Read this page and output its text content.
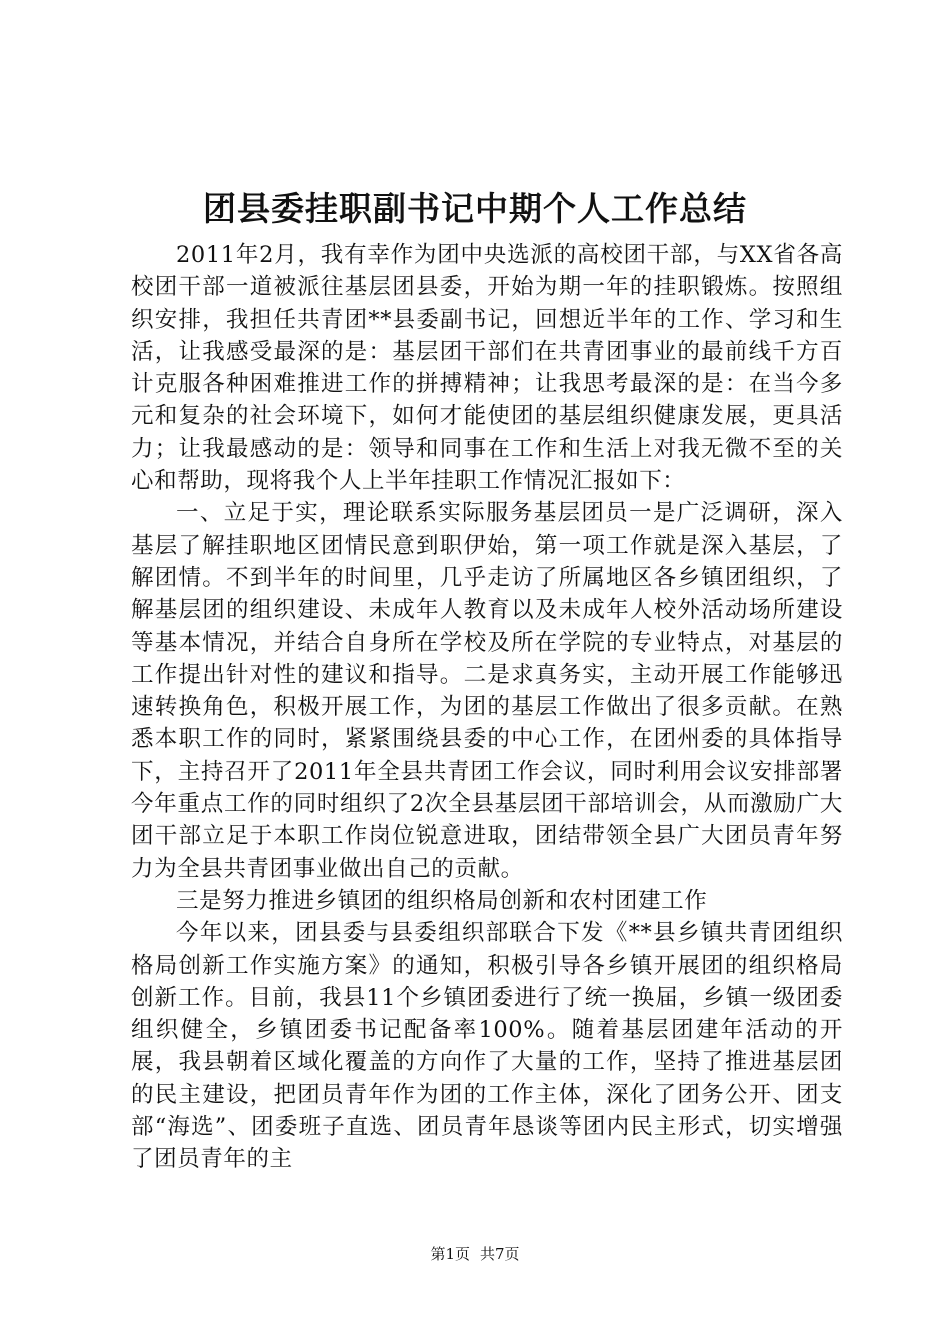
团县委挂职副书记中期个人工作总结

2011年2月，我有幸作为团中央选派的高校团干部，与XX省各高校团干部一道被派往基层团县委，开始为期一年的挂职锻炼。按照组织安排，我担任共青团**县委副书记，回想近半年的工作、学习和生活，让我感受最深的是：基层团干部们在共青团事业的最前线千方百计克服各种困难推进工作的拼搏精神；让我思考最深的是：在当今多元和复杂的社会环境下，如何才能使团的基层组织健康发展，更具活力；让我最感动的是：领导和同事在工作和生活上对我无微不至的关心和帮助，现将我个人上半年挂职工作情况汇报如下：

一、立足于实，理论联系实际服务基层团员一是广泛调研，深入基层了解挂职地区团情民意到职伊始，第一项工作就是深入基层，了解团情。不到半年的时间里，几乎走访了所属地区各乡镇团组织，了解基层团的组织建设、未成年人教育以及未成年人校外活动场所建设等基本情况，并结合自身所在学校及所在学院的专业特点，对基层的工作提出针对性的建议和指导。二是求真务实，主动开展工作能够迅速转换角色，积极开展工作，为团的基层工作做出了很多贡献。在熟悉本职工作的同时，紧紧围绕县委的中心工作，在团州委的具体指导下，主持召开了2011年全县共青团工作会议，同时利用会议安排部署今年重点工作的同时组织了2次全县基层团干部培训会，从而激励广大团干部立足于本职工作岗位锐意进取，团结带领全县广大团员青年努力为全县共青团事业做出自己的贡献。

三是努力推进乡镇团的组织格局创新和农村团建工作

今年以来，团县委与县委组织部联合下发《**县乡镇共青团组织格局创新工作实施方案》的通知，积极引导各乡镇开展团的组织格局创新工作。目前，我县11个乡镇团委进行了统一换届，乡镇一级团委组织健全，乡镇团委书记配备率100%。随着基层团建年活动的开展，我县朝着区域化覆盖的方向作了大量的工作，坚持了推进基层团的民主建设，把团员青年作为团的工作主体，深化了团务公开、团支部“海选”、团委班子直选、团员青年恳谈等团内民主形式，切实增强了团员青年的主

第1页 共7页
